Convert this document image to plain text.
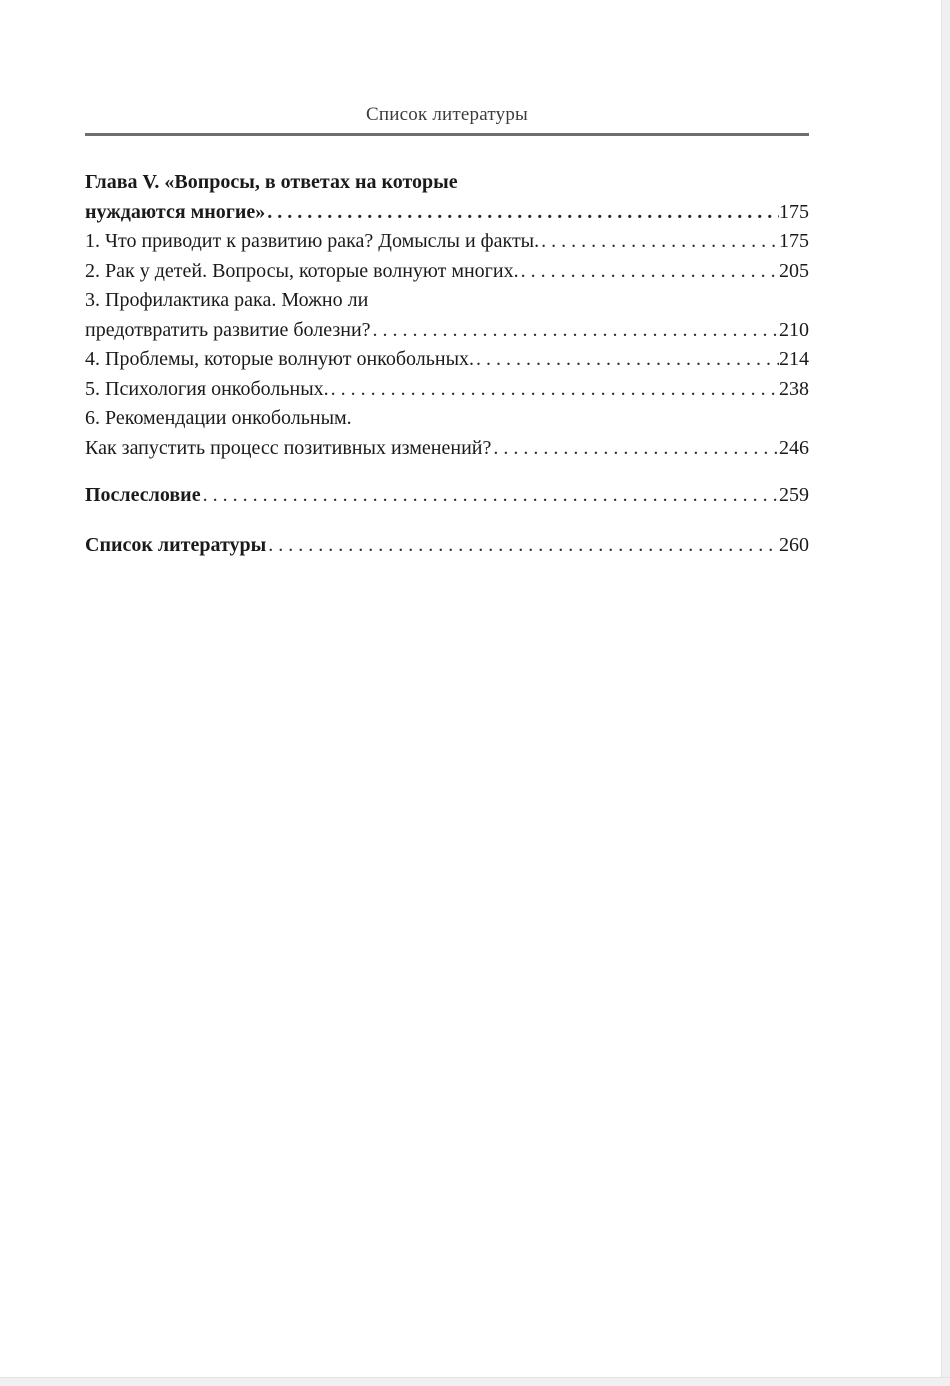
Список литературы
Глава V. «Вопросы, в ответах на которые
нуждаются многие» . . .	175
1. Что приводит к развитию рака? Домыслы и факты. . . .	175
2. Рак у детей. Вопросы, которые волнуют многих. . . .	205
3. Профилактика рака. Можно ли
предотвратить развитие болезни? . . .	210
4. Проблемы, которые волнуют онкобольных. . . .	214
5. Психология онкобольных. . . .	238
6. Рекомендации онкобольным.
Как запустить процесс позитивных изменений? . . .	246
Послесловие . . .	259
Список литературы . . .	260
